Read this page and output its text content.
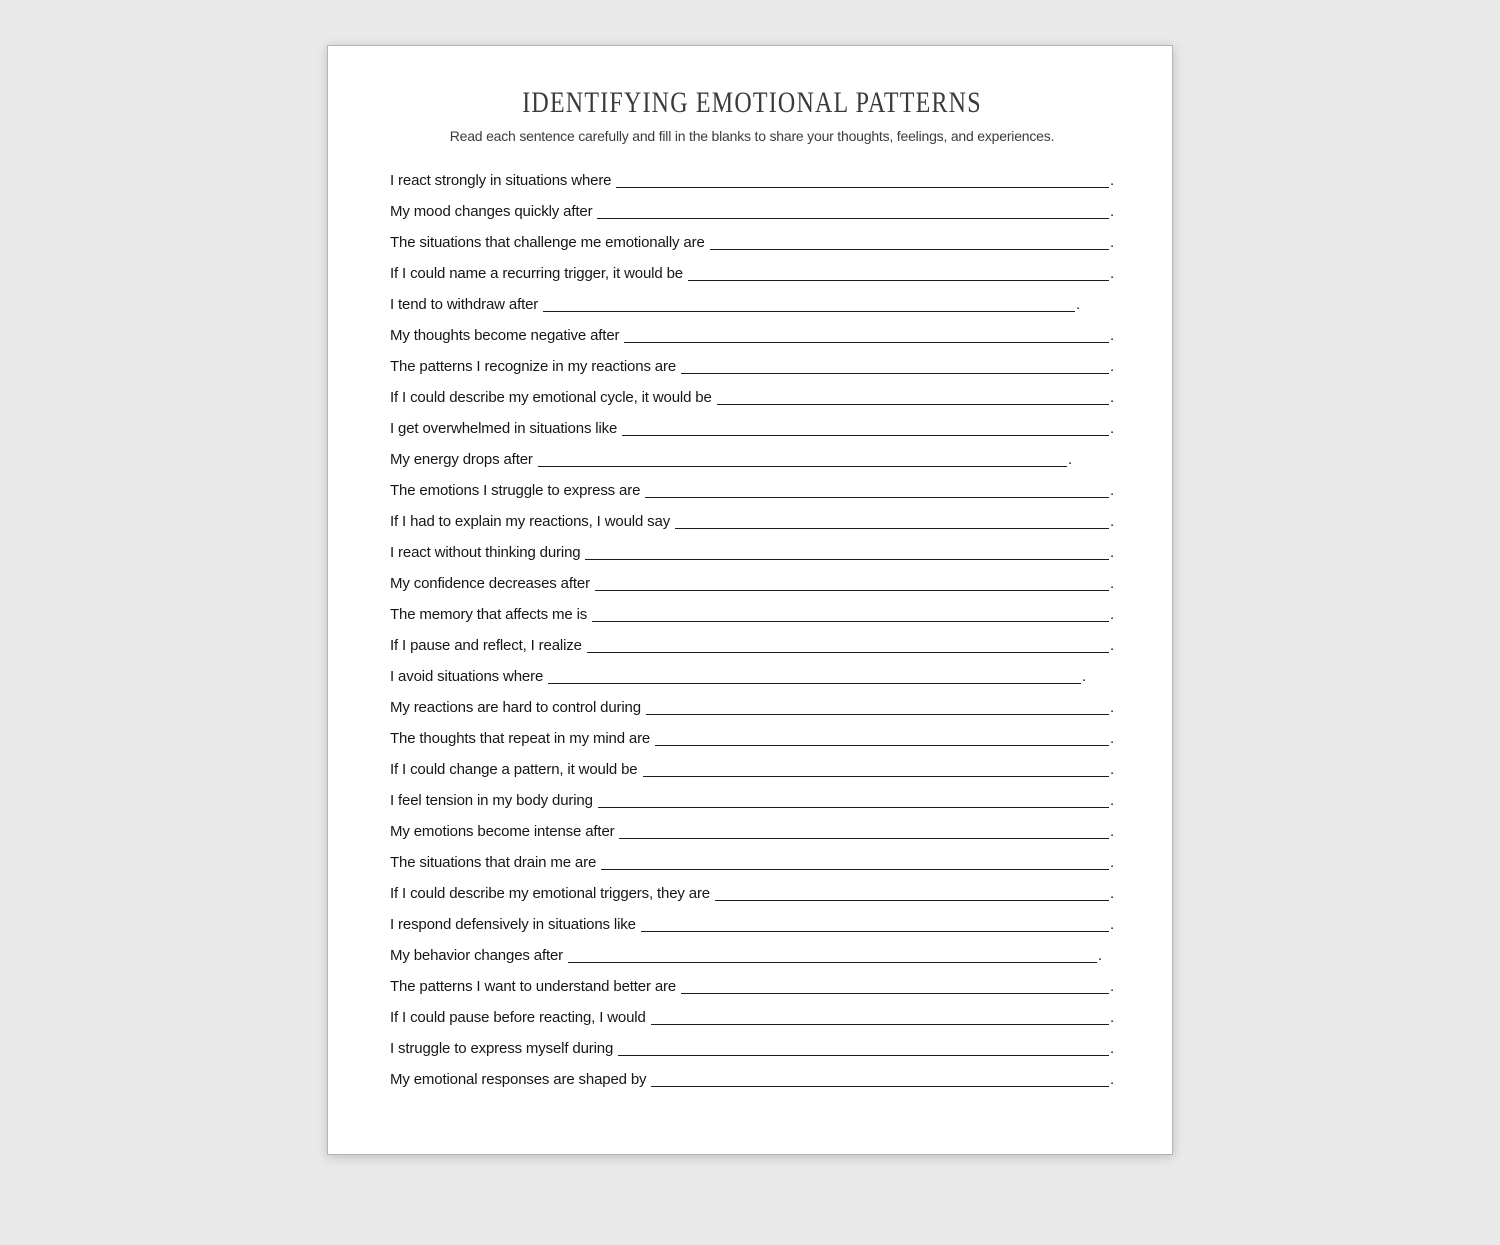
IDENTIFYING EMOTIONAL PATTERNS

Read each sentence carefully and fill in the blanks to share your thoughts, feelings, and experiences.

I react strongly in situations where	.
My mood changes quickly after	.
The situations that challenge me emotionally are	.
If I could name a recurring trigger, it would be	.
I tend to withdraw after	.
My thoughts become negative after	.
The patterns I recognize in my reactions are	.
If I could describe my emotional cycle, it would be	.
I get overwhelmed in situations like	.
My energy drops after	.
The emotions I struggle to express are	.
If I had to explain my reactions, I would say	.
I react without thinking during	.
My confidence decreases after	.
The memory that affects me is	.
If I pause and reflect, I realize	.
I avoid situations where	.
My reactions are hard to control during	.
The thoughts that repeat in my mind are	.
If I could change a pattern, it would be	.
I feel tension in my body during	.
My emotions become intense after	.
The situations that drain me are	.
If I could describe my emotional triggers, they are	.
I respond defensively in situations like	.
My behavior changes after	.
The patterns I want to understand better are	.
If I could pause before reacting, I would	.
I struggle to express myself during	.
My emotional responses are shaped by	.
